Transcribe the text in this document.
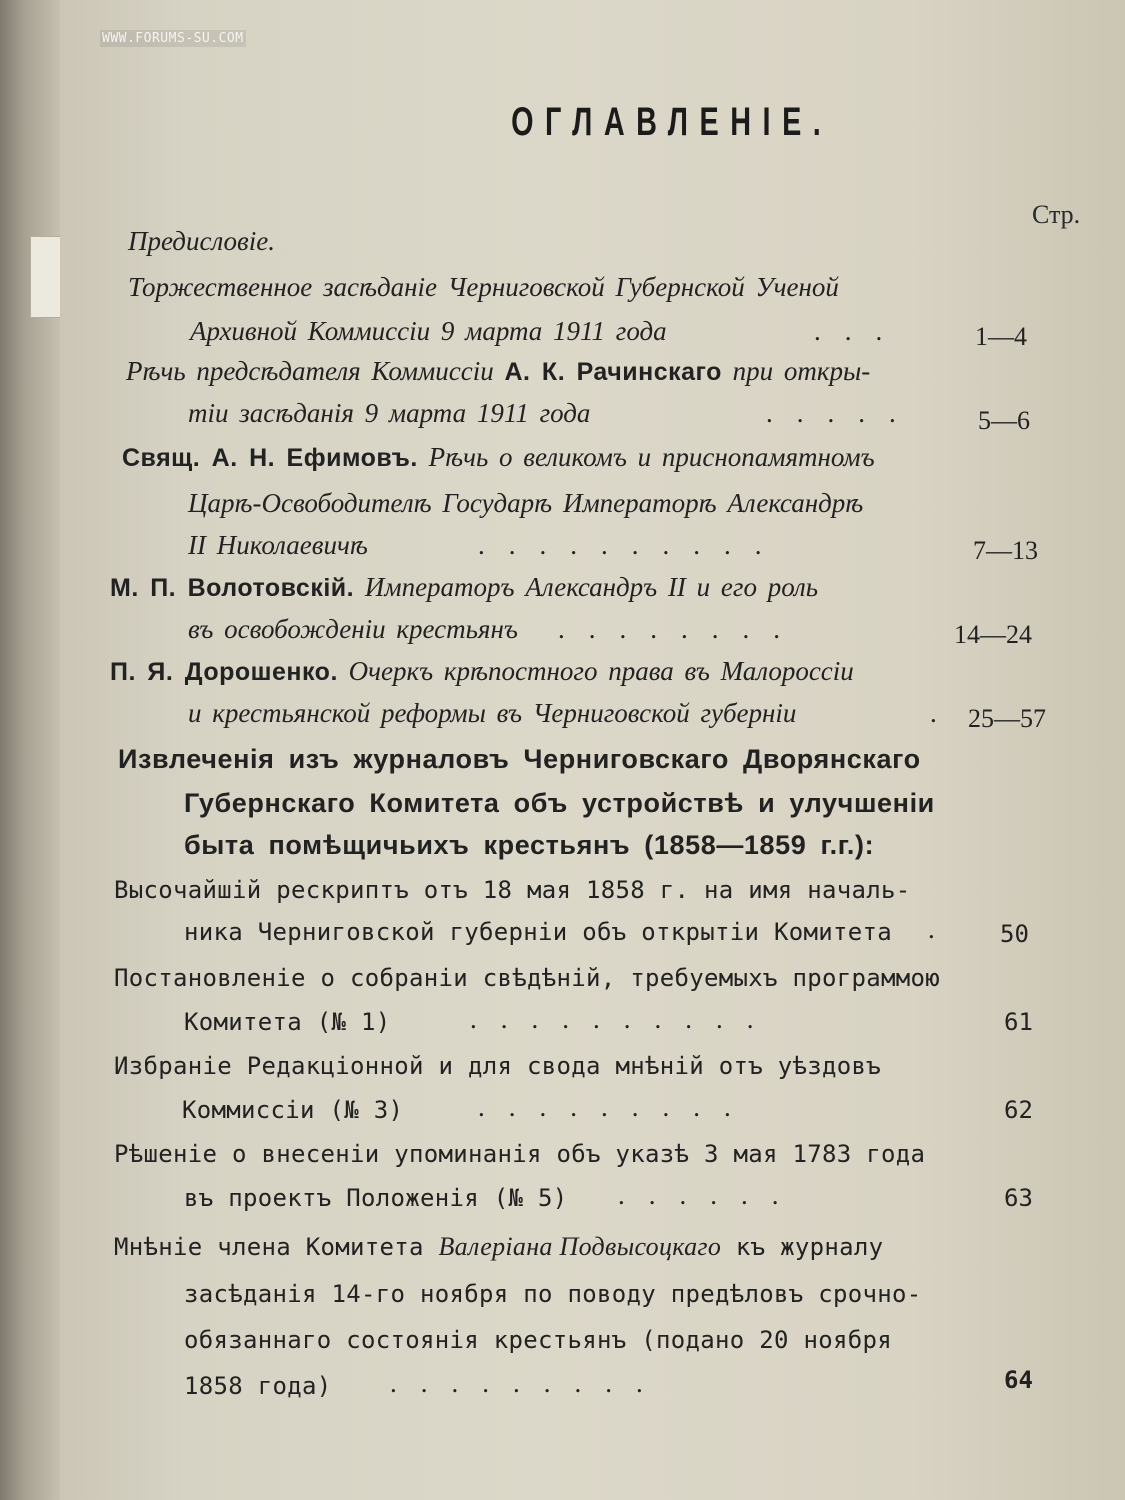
WWW.FORUMS-SU.COM
ОГЛАВЛЕНІЕ.
Стр.
Предисловіе.
Торжественное засѣданіе Черниговской Губернской Ученой
Архивной Коммиссіи 9 марта 1911 года	...	1—4
Рѣчь предсѣдателя Коммиссіи А. К. Рачинскаго при откры-
тіи засѣданія 9 марта 1911 года	..... 5—6
Свящ. А. Н. Ефимовъ. Рѣчь о великомъ и приснопамятномъ
Царѣ-Освободителѣ Государѣ Императорѣ Александрѣ
II Николаевичѣ	..........	7—13
М. П. Волотовскій. Императоръ Александръ II и его роль
въ освобожденіи крестьянъ ........	14—24
П. Я. Дорошенко. Очеркъ крѣпостного права въ Малороссіи
и крестьянской реформы въ Черниговской губерніи	. 25—57
Извлеченія изъ журналовъ Черниговскаго Дворянскаго
Губернскаго Комитета объ устройствѣ и улучшеніи
быта помѣщичьихъ крестьянъ (1858—1859 г.г.):
Высочайшій рескриптъ отъ 18 мая 1858 г. на имя началь-
ника Черниговской губерніи объ открытіи Комитета . 50
Постановленіе о собраніи свѣдѣній, требуемыхъ программою
Комитета (№ 1)	..........	61
Избраніе Редакціонной и для свода мнѣній отъ уѣздовъ
Коммиссіи (№ 3)	.........	62
Рѣшеніе о внесеніи упоминанія объ указѣ 3 мая 1783 года
въ проектъ Положенія (№ 5) ......	63
Мнѣніе члена Комитета Валеріана Подвысоцкаго къ журналу
засѣданія 14-го ноября по поводу предѣловъ срочно-
обязаннаго состоянія крестьянъ (подано 20 ноября
1858 года) .........	64
